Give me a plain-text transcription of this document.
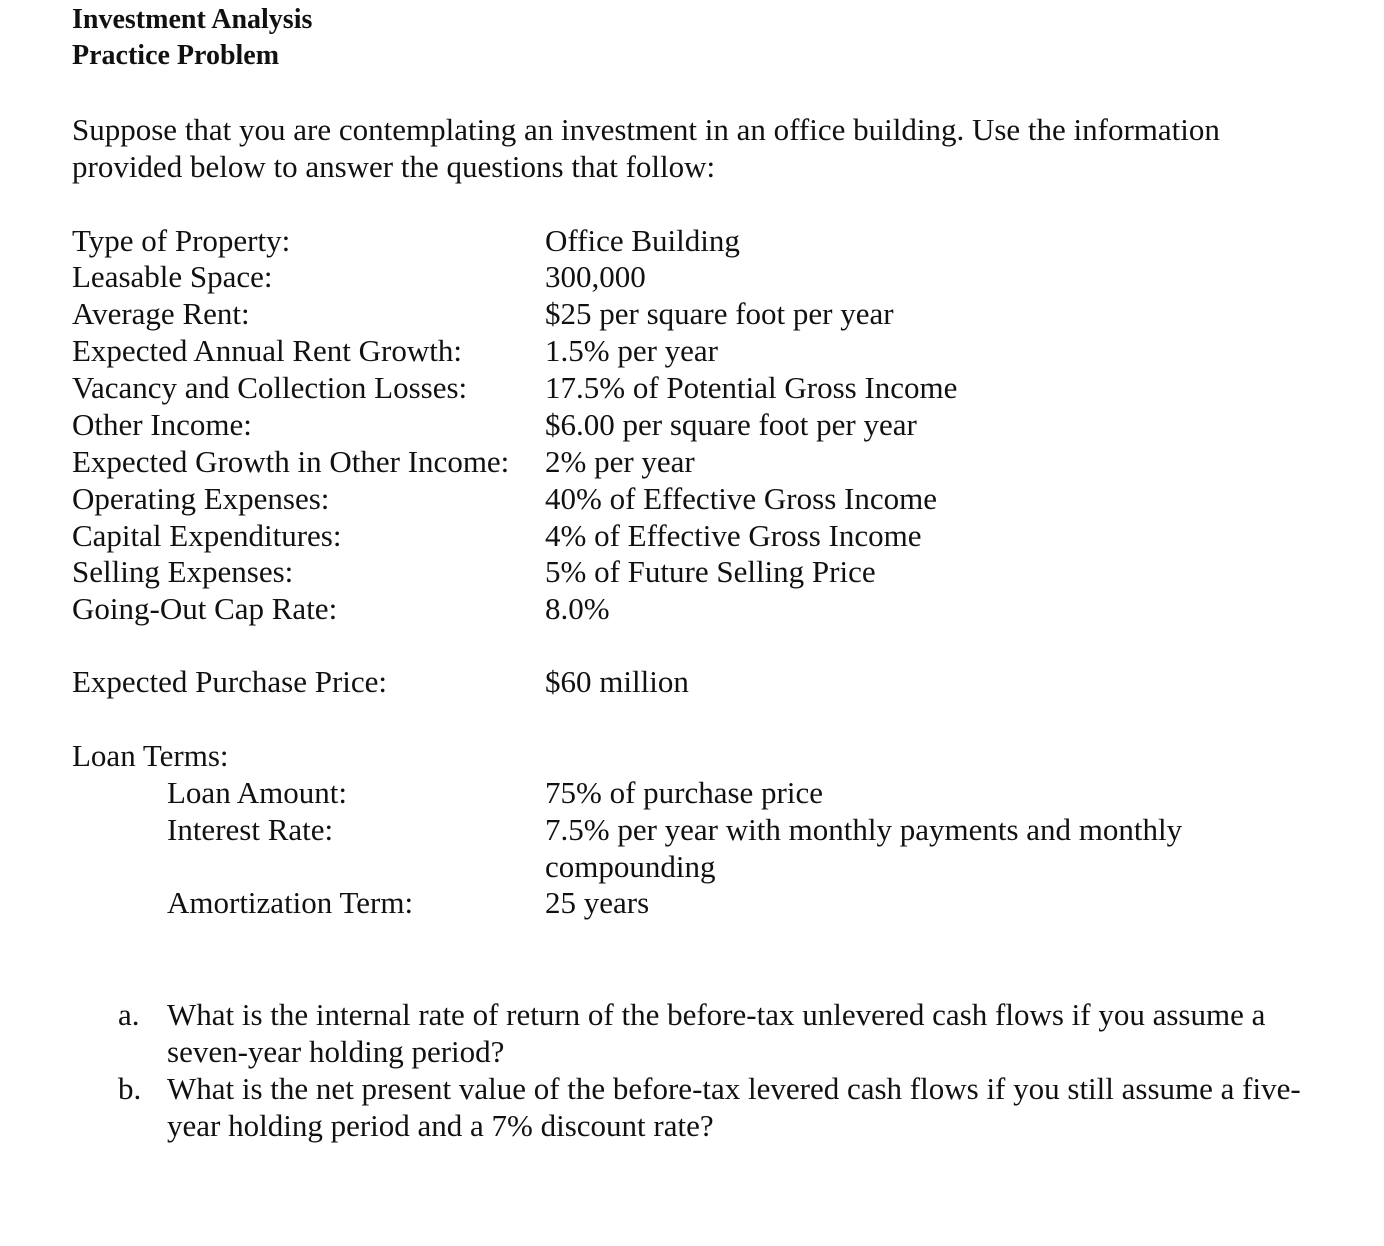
Investment Analysis
Practice Problem
Suppose that you are contemplating an investment in an office building. Use the information provided below to answer the questions that follow:
Type of Property:	Office Building
Leasable Space:	300,000
Average Rent:	$25 per square foot per year
Expected Annual Rent Growth:	1.5% per year
Vacancy and Collection Losses:	17.5% of Potential Gross Income
Other Income:	$6.00 per square foot per year
Expected Growth in Other Income: 2% per year
Operating Expenses:	40% of Effective Gross Income
Capital Expenditures:	4% of Effective Gross Income
Selling Expenses:	5% of Future Selling Price
Going-Out Cap Rate:	8.0%
Expected Purchase Price:	$60 million
Loan Terms:
Loan Amount:	75% of purchase price
Interest Rate:	7.5% per year with monthly payments and monthly compounding
Amortization Term:	25 years
a. What is the internal rate of return of the before-tax unlevered cash flows if you assume a seven-year holding period?
b. What is the net present value of the before-tax levered cash flows if you still assume a five-year holding period and a 7% discount rate?
